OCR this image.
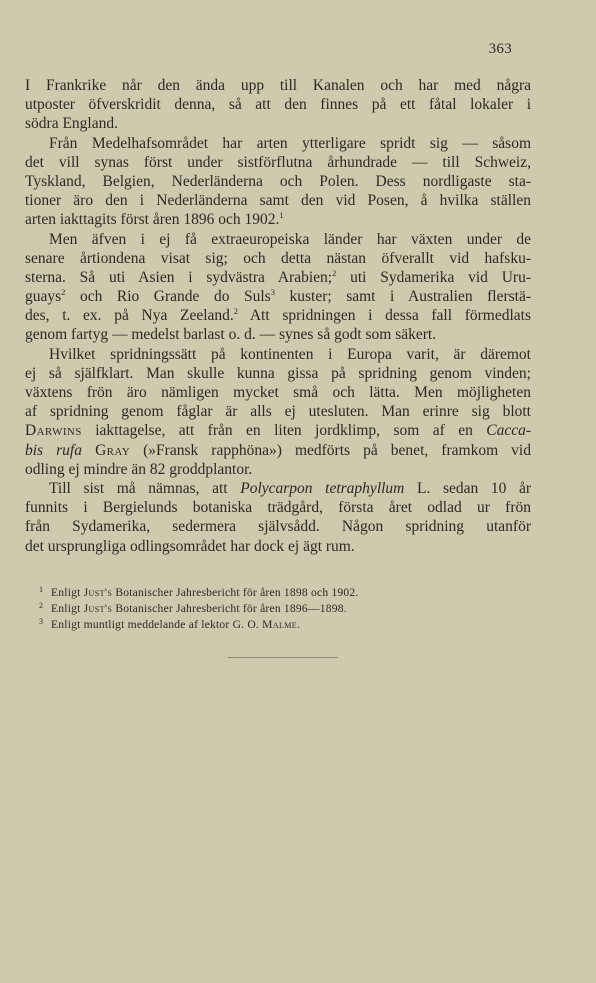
363
I Frankrike når den ända upp till Kanalen och har med några
utposter öfverskridit denna, så att den finnes på ett fåtal lokaler i
södra England.
Från Medelhafsområdet har arten ytterligare spridt sig — såsom
det vill synas först under sistförflutna århundrade — till Schweiz,
Tyskland, Belgien, Nederländerna och Polen. Dess nordligaste sta-
tioner äro den i Nederländerna samt den vid Posen, å hvilka ställen
arten iakttagits först åren 1896 och 1902.$^1$
Men äfven i ej få extraeuropeiska länder har växten under de
senare årtiondena visat sig; och detta nästan öfverallt vid hafsku-
sterna. Så uti Asien i sydvästra Arabien;$^2$ uti Sydamerika vid Uru-
guays$^2$ och Rio Grande do Suls$^3$ kuster; samt i Australien flerstä-
des, t. ex. på Nya Zeeland.$^2$ Att spridningen i dessa fall förmedlats
genom fartyg — medelst barlast o. d. — synes så godt som säkert.
Hvilket spridningssätt på kontinenten i Europa varit, är däremot
ej så själfklart. Man skulle kunna gissa på spridning genom vinden;
växtens frön äro nämligen mycket små och lätta. Men möjligheten
af spridning genom fåglar är alls ej utesluten. Man erinre sig blott
Darwins iakttagelse, att från en liten jordklimp, som af en Cacca-
bis rufa Gray (»Fransk rapphöna») medförts på benet, framkom vid
odling ej mindre än 82 groddplantor.
Till sist må nämnas, att Polycarpon tetraphyllum L. sedan 10 år
funnits i Bergielunds botaniska trädgård, första året odlad ur frön
från Sydamerika, sedermera självsådd. Någon spridning utanför
det ursprungliga odlingsområdet har dock ej ägt rum.
1 Enligt Just's Botanischer Jahresbericht för åren 1898 och 1902.
2 Enligt Just's Botanischer Jahresbericht för åren 1896—1898.
3 Enligt muntligt meddelande af lektor G. O. Malme.
